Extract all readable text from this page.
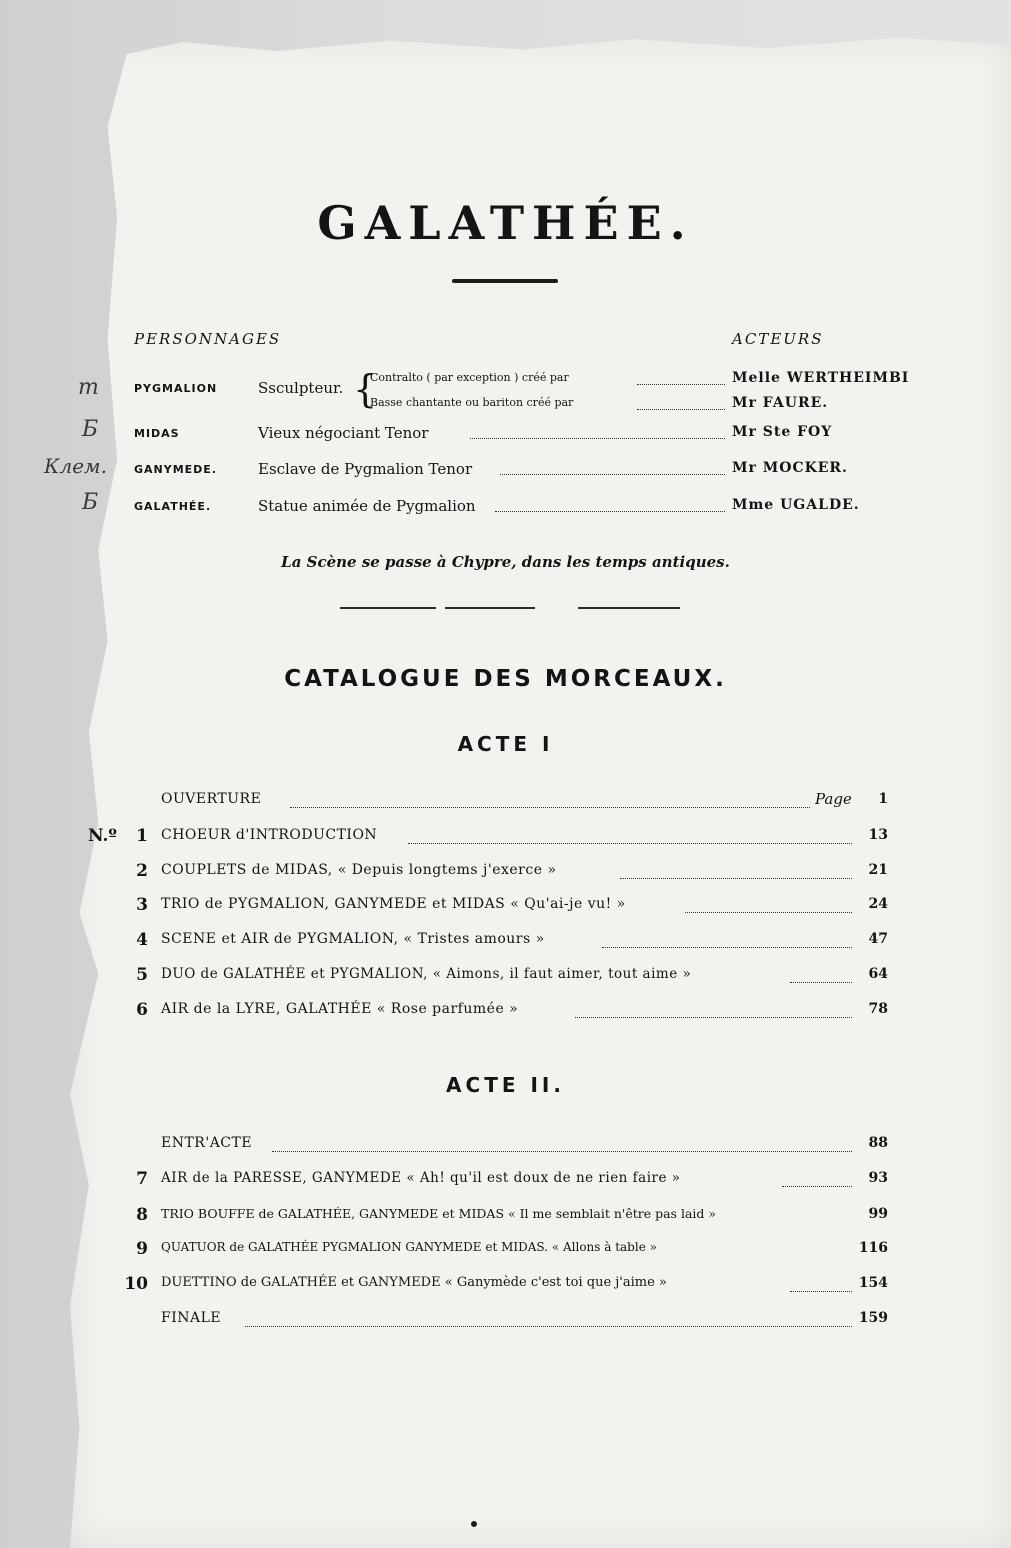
GALATHÉE.
PERSONNAGES	ACTEURS
m
Б
Клем.
Б
PYGMALION	Ssculpteur. {
Contralto ( par exception ) créé par	Melle WERTHEIMBI
Basse chantante ou bariton créé par	Mr FAURE.
MIDAS	Vieux négociant Tenor	Mr Ste FOY
GANYMEDE.	Esclave de Pygmalion Tenor	Mr MOCKER.
GALATHÉE.	Statue animée de Pygmalion	Mme UGALDE.
La Scène se passe à Chypre, dans les temps antiques.
CATALOGUE DES MORCEAUX.
ACTE I
OUVERTURE	Page	1
N.º	1 CHOEUR d'INTRODUCTION	13
2 COUPLETS de MIDAS, « Depuis longtems j'exerce »	21
3 TRIO de PYGMALION, GANYMEDE et MIDAS « Qu'ai-je vu! »	24
4 SCENE et AIR de PYGMALION, « Tristes amours »	47
5 DUO de GALATHÉE et PYGMALION, « Aimons, il faut aimer, tout aime »	64
6 AIR de la LYRE, GALATHÉE « Rose parfumée »	78
ACTE II.
ENTR'ACTE	88
7 AIR de la PARESSE, GANYMEDE « Ah! qu'il est doux de ne rien faire »	93
8 TRIO BOUFFE de GALATHÉE, GANYMEDE et MIDAS « Il me semblait n'être pas laid »	99
9 QUATUOR de GALATHÉE PYGMALION GANYMEDE et MIDAS. « Allons à table »	116
10 DUETTINO de GALATHÉE et GANYMEDE « Ganymède c'est toi que j'aime »	154
FINALE	159
